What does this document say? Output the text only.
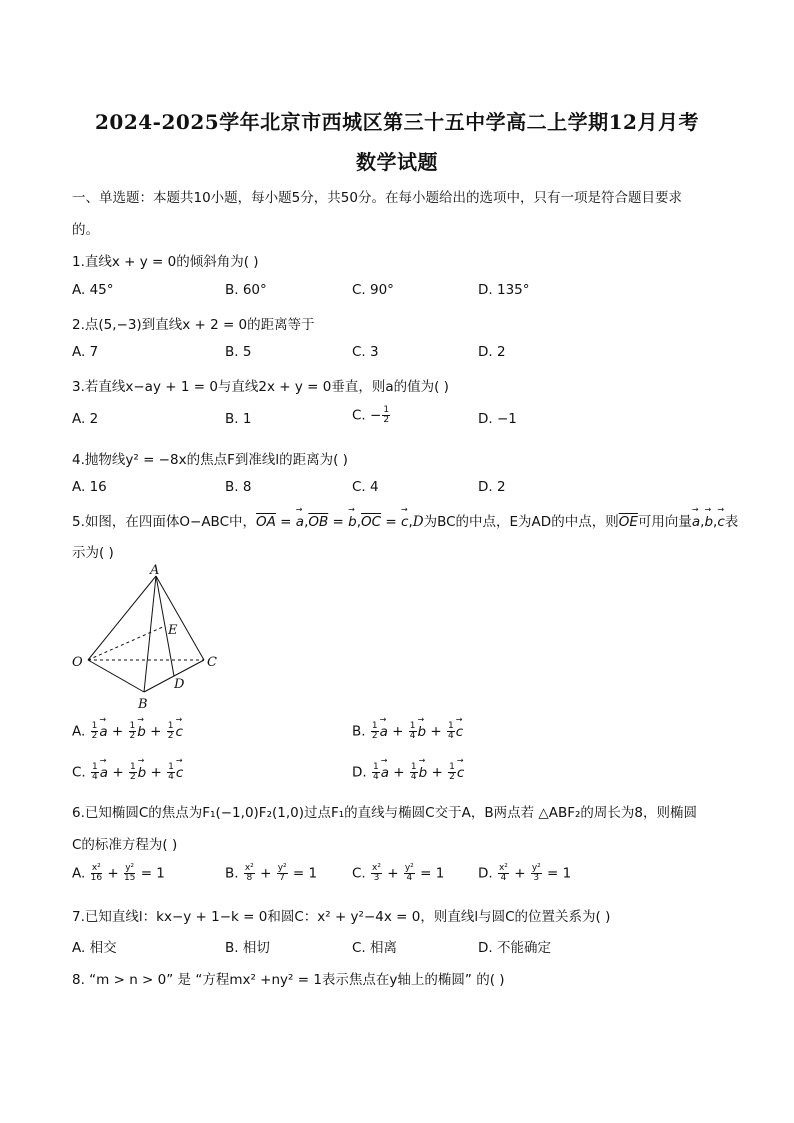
2024-2025学年北京市西城区第三十五中学高二上学期12月月考
数学试题
一、单选题：本题共10小题，每小题5分，共50分。在每小题给出的选项中，只有一项是符合题目要求
的。
1.直线x + y = 0的倾斜角为( )
A. 45°	B. 60°	C. 90°	D. 135°
2.点(5,−3)到直线x + 2 = 0的距离等于
A. 7	B. 5	C. 3	D. 2
3.若直线x−ay + 1 = 0与直线2x + y = 0垂直，则a的值为( )
A. 2	B. 1	C. − $\frac{1}{2}$	D. −1
4.抛物线y² = −8x的焦点F到准线l的距离为( )
A. 16	B. 8	C. 4	D. 2
5.如图，在四面体O−ABC中，$\overline{OA}$ = → $a,\overline{OB}$ = → $b,\overline{OC}$ = → c,D为BC的中点，E为AD的中点，则$\overline{OE}$可用向量→ a,→ b,→ c表
示为( )
A
E
O	C
D
B
A. $\frac{1}{2} \to a + \frac{1}{2} \to b + \frac{1}{2} \to c$	B. $\frac{1}{2} \to a + \frac{1}{4} \to b + \frac{1}{4} \to c$
C. $\frac{1}{4} \to a + \frac{1}{2} \to b + \frac{1}{4} \to c$	D. $\frac{1}{4} \to a + \frac{1}{4} \to b + \frac{1}{2} \to c$
6.已知椭圆C的焦点为F₁(−1,0)F₂(1,0)过点F₁的直线与椭圆C交于A，B两点若 △ABF₂的周长为8，则椭圆
C的标准方程为( )
A. $\frac{\text{x²}}{16} + \frac{\text{y²}}{15} = 1$	B. $\frac{\text{x²}}{8} + \frac{\text{y²}}{7} = 1$	C. $\frac{\text{x²}}{3} + \frac{\text{y²}}{4} = 1$ D. $\frac{\text{x²}}{4} + \frac{\text{y²}}{3} = 1$
7.已知直线l：kx−y + 1−k = 0和圆C：x² + y²−4x = 0，则直线l与圆C的位置关系为( )
A. 相交	B. 相切	C. 相离	D. 不能确定
8. “m > n > 0” 是 “方程mx² +ny² = 1表示焦点在y轴上的椭圆” 的( )
